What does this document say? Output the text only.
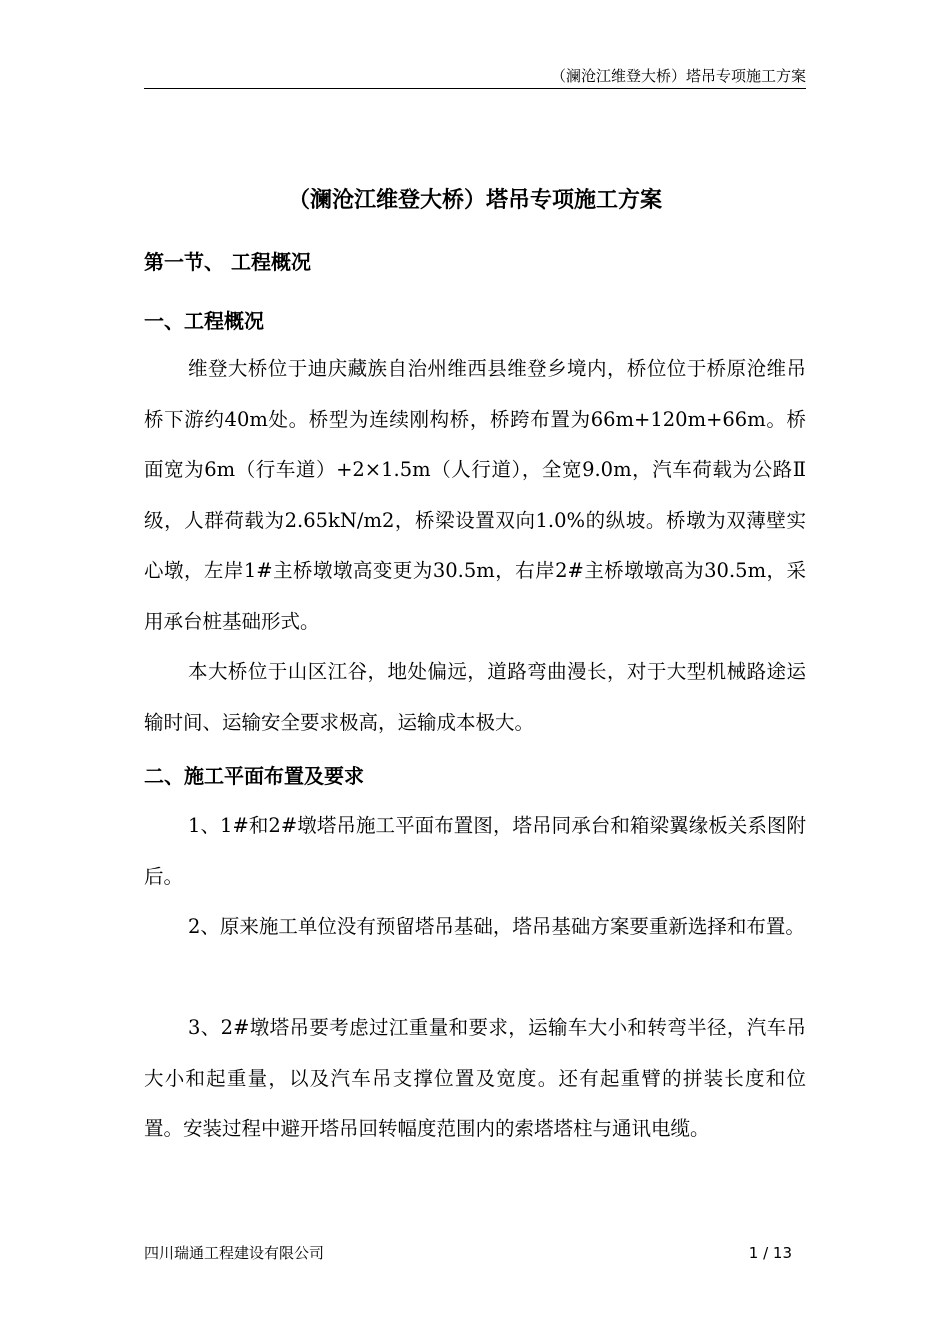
（澜沧江维登大桥）塔吊专项施工方案
（澜沧江维登大桥）塔吊专项施工方案
第一节、 工程概况
一、工程概况

维登大桥位于迪庆藏族自治州维西县维登乡境内，桥位位于桥原沧维吊桥下游约40m处。桥型为连续刚构桥，桥跨布置为66m+120m+66m。桥面宽为6m（行车道）+2×1.5m（人行道），全宽9.0m，汽车荷载为公路Ⅱ级，人群荷载为2.65kN/m2，桥梁设置双向1.0%的纵坡。桥墩为双薄壁实心墩，左岸1#主桥墩墩高变更为30.5m，右岸2#主桥墩墩高为30.5m，采用承台桩基础形式。

本大桥位于山区江谷，地处偏远，道路弯曲漫长，对于大型机械路途运输时间、运输安全要求极高，运输成本极大。

二、施工平面布置及要求

1、1#和2#墩塔吊施工平面布置图，塔吊同承台和箱梁翼缘板关系图附后。

2、原来施工单位没有预留塔吊基础，塔吊基础方案要重新选择和布置。

3、2#墩塔吊要考虑过江重量和要求，运输车大小和转弯半径，汽车吊大小和起重量，以及汽车吊支撑位置及宽度。还有起重臂的拼装长度和位置。安装过程中避开塔吊回转幅度范围内的索塔塔柱与通讯电缆。

四川瑞通工程建设有限公司	1 / 13
